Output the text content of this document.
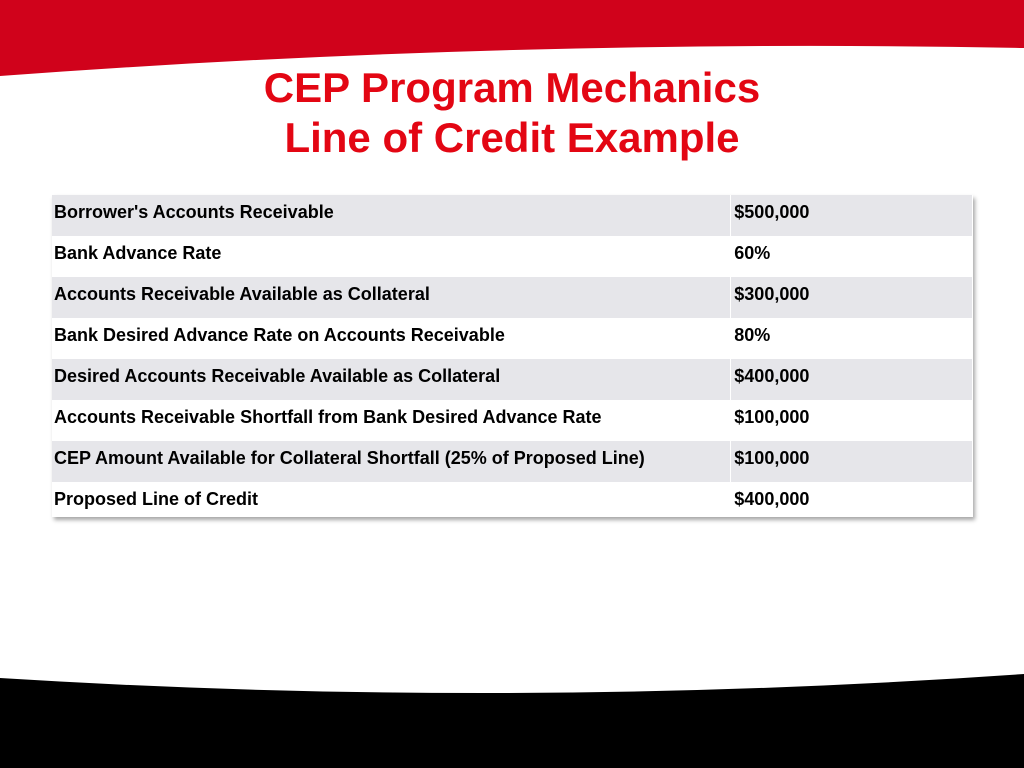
CEP Program Mechanics
Line of Credit Example
Borrower's Accounts Receivable	$500,000
Bank Advance Rate	60%
Accounts Receivable Available as Collateral	$300,000
Bank Desired Advance Rate on Accounts Receivable	80%
Desired Accounts Receivable Available as Collateral	$400,000
Accounts Receivable Shortfall from Bank Desired Advance Rate	$100,000
CEP Amount Available for Collateral Shortfall (25% of Proposed Line)	$100,000
Proposed Line of Credit	$400,000
